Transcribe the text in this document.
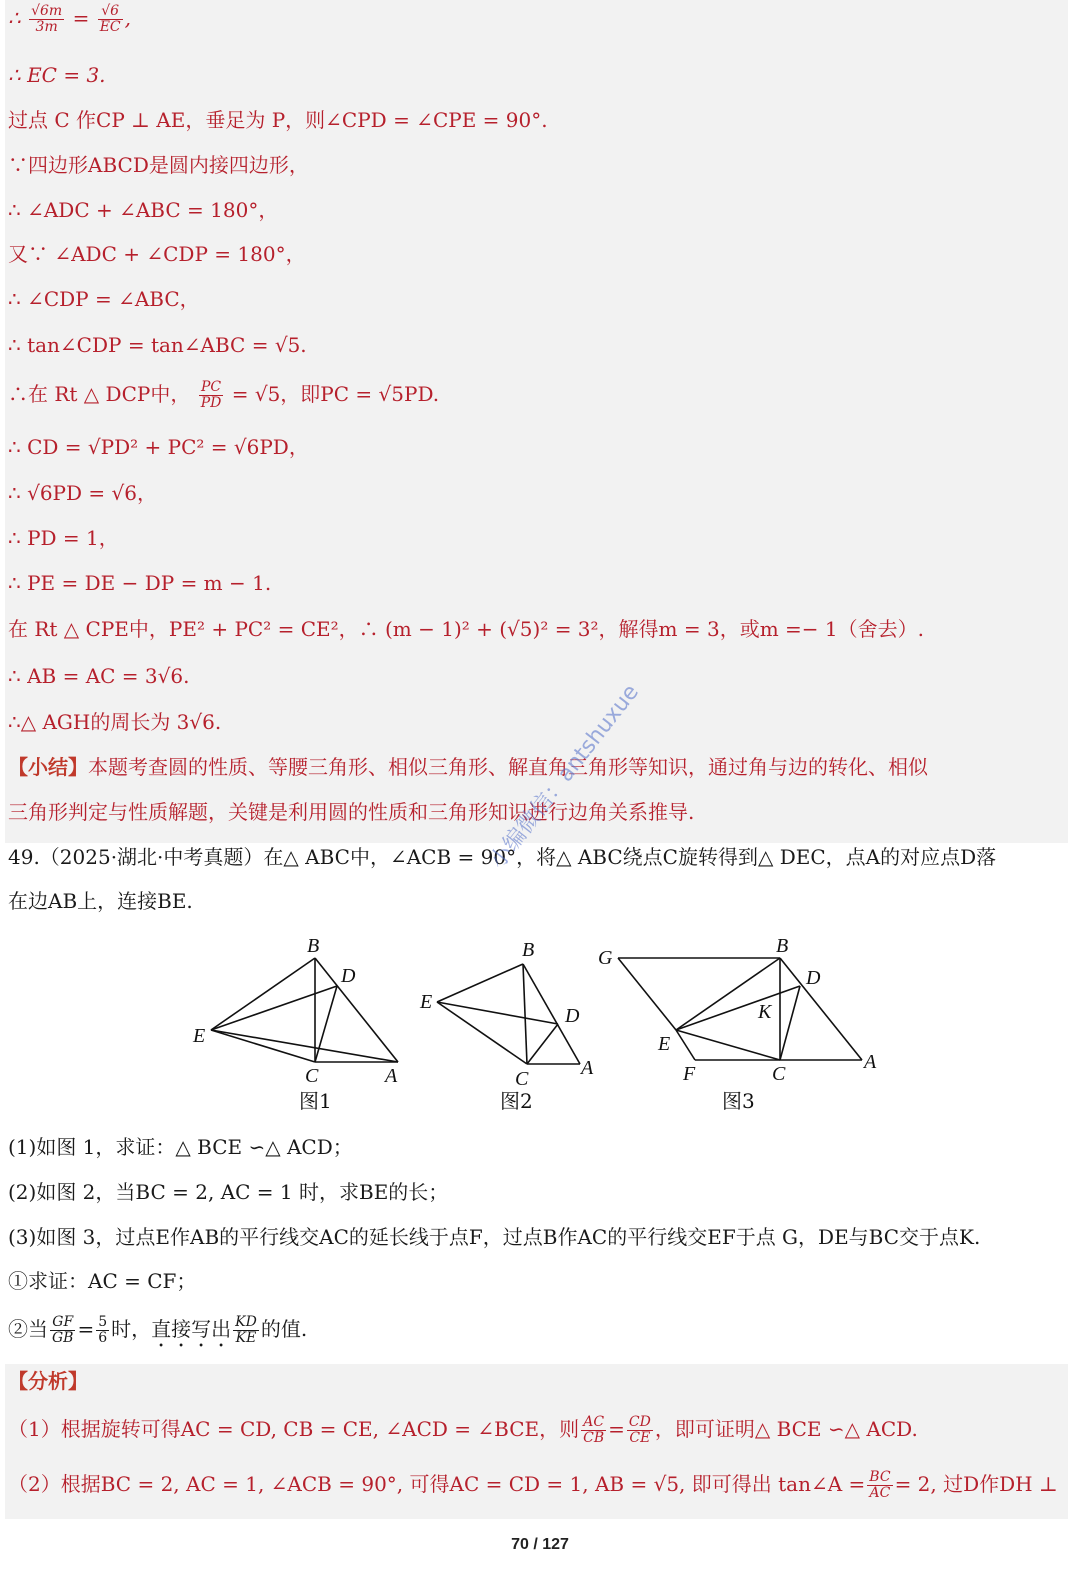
∴ $\frac{√6m}{3m} = \frac{√6}{EC}$ ,
∴ EC = 3.
过点 C 作CP ⊥ AE，垂足为 P，则∠CPD = ∠CPE = 90°.
∵四边形ABCD是圆内接四边形，
∴ ∠ADC + ∠ABC = 180°，
又∵ ∠ADC + ∠CDP = 180°，
∴ ∠CDP = ∠ABC，
∴ tan∠CDP = tan∠ABC = √5.
∴在 Rt △ DCP中， $\frac{PC}{PD} = √5$，即PC = √5PD.
∴ CD = √PD² + PC² = √6PD，
∴ √6PD = √6，
∴ PD = 1，
∴ PE = DE − DP = m − 1.
在 Rt △ CPE中，PE² + PC² = CE²，∴ (m − 1)² + (√5)² = 3²，解得m = 3，或m =− 1（舍去）.
∴ AB = AC = 3√6.
∴△ AGH的周长为 3√6.
【小结】本题考查圆的性质、等腰三角形、相似三角形、解直角三角形等知识，通过角与边的转化、相似
三角形判定与性质解题，关键是利用圆的性质和三角形知识进行边角关系推导.
49.（2025·湖北·中考真题）在△ ABC中，∠ACB = 90°，将△ ABC绕点C旋转得到△ DEC，点A的对应点D落
在边AB上，连接BE.
B
D
E
C	A
图1
B
D
E
C	A
图2
G
B
D
K
E
F	C
A
图3
(1)如图 1，求证：△ BCE ∽△ ACD；
(2)如图 2，当BC = 2, AC = 1 时，求BE的长；
(3)如图 3，过点E作AB的平行线交AC的延长线于点F，过点B作AC的平行线交EF于点 G，DE与BC交于点K.
①求证：AC = CF；
②当 $\frac{GF}{GB} = \frac{5}{6}$ 时，直接写出 $\frac{KD}{KE}$ 的值.
【分析】
（1）根据旋转可得AC = CD, CB = CE, ∠ACD = ∠BCE，则 $\frac{AC}{CB} = \frac{CD}{CE}$ ，即可证明△ BCE ∽△ ACD.
（2）根据BC = 2, AC = 1, ∠ACB = 90°, 可得AC = CD = 1, AB = √5, 即可得出 tan∠A = $\frac{BC}{AC} = 2$, 过D作DH ⊥
小编微信：antshuxue
70 / 127
